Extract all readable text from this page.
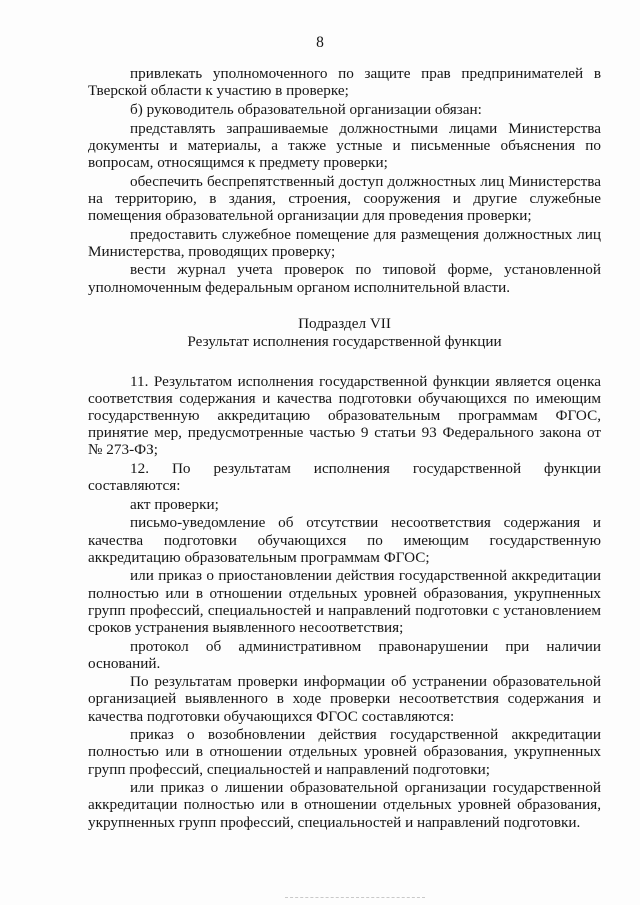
8

привлекать уполномоченного по защите прав предпринимателей в Тверской области к участию в проверке;

б) руководитель образовательной организации обязан:

представлять запрашиваемые должностными лицами Министерства документы и материалы, а также устные и письменные объяснения по вопросам, относящимся к предмету проверки;

обеспечить беспрепятственный доступ должностных лиц Министерства на территорию, в здания, строения, сооружения и другие служебные помещения образовательной организации для проведения проверки;

предоставить служебное помещение для размещения должностных лиц Министерства, проводящих проверку;

вести журнал учета проверок по типовой форме, установленной уполномоченным федеральным органом исполнительной власти.

Подраздел VII
Результат исполнения государственной функции

11. Результатом исполнения государственной функции является оценка соответствия содержания и качества подготовки обучающихся по имеющим государственную аккредитацию образовательным программам ФГОС, принятие мер, предусмотренные частью 9 статьи 93 Федерального закона от № 273-ФЗ;

12. По результатам исполнения государственной функции составляются:

акт проверки;

письмо-уведомление об отсутствии несоответствия содержания и качества подготовки обучающихся по имеющим государственную аккредитацию образовательным программам ФГОС;

или приказ о приостановлении действия государственной аккредитации полностью или в отношении отдельных уровней образования, укрупненных групп профессий, специальностей и направлений подготовки с установлением сроков устранения выявленного несоответствия;

протокол об административном правонарушении при наличии оснований.

По результатам проверки информации об устранении образовательной организацией выявленного в ходе проверки несоответствия содержания и качества подготовки обучающихся ФГОС составляются:

приказ о возобновлении действия государственной аккредитации полностью или в отношении отдельных уровней образования, укрупненных групп профессий, специальностей и направлений подготовки;

или приказ о лишении образовательной организации государственной аккредитации полностью или в отношении отдельных уровней образования, укрупненных групп профессий, специальностей и направлений подготовки.
